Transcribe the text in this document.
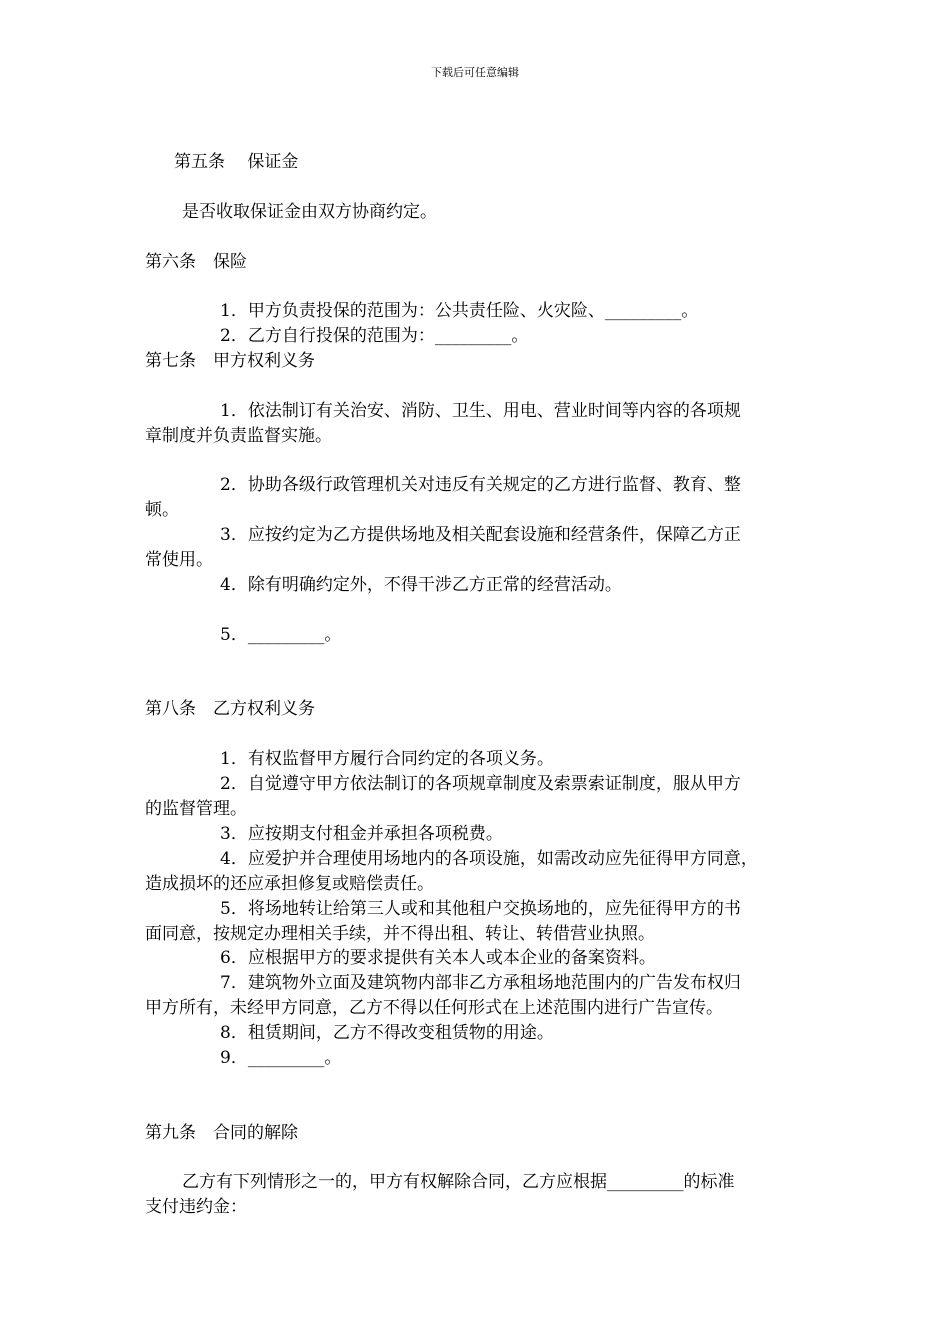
下载后可任意编辑
第五条　 保证金
是否收取保证金由双方协商约定。
第六条　保险
1．甲方负责投保的范围为：公共责任险、火灾险、_________。
2．乙方自行投保的范围为：_________。
第七条　甲方权利义务
1．依法制订有关治安、消防、卫生、用电、营业时间等内容的各项规
章制度并负责监督实施。
2．协助各级行政管理机关对违反有关规定的乙方进行监督、教育、整
顿。
3．应按约定为乙方提供场地及相关配套设施和经营条件，保障乙方正
常使用。
4．除有明确约定外，不得干涉乙方正常的经营活动。
5．_________。
第八条　乙方权利义务
1．有权监督甲方履行合同约定的各项义务。
2．自觉遵守甲方依法制订的各项规章制度及索票索证制度，服从甲方
的监督管理。
3．应按期支付租金并承担各项税费。
4．应爱护并合理使用场地内的各项设施，如需改动应先征得甲方同意，
造成损坏的还应承担修复或赔偿责任。
5．将场地转让给第三人或和其他租户交换场地的，应先征得甲方的书
面同意，按规定办理相关手续，并不得出租、转让、转借营业执照。
6．应根据甲方的要求提供有关本人或本企业的备案资料。
7．建筑物外立面及建筑物内部非乙方承租场地范围内的广告发布权归
甲方所有，未经甲方同意，乙方不得以任何形式在上述范围内进行广告宣传。
8．租赁期间，乙方不得改变租赁物的用途。
9．_________。
第九条　合同的解除
乙方有下列情形之一的，甲方有权解除合同，乙方应根据_________的标准
支付违约金：
